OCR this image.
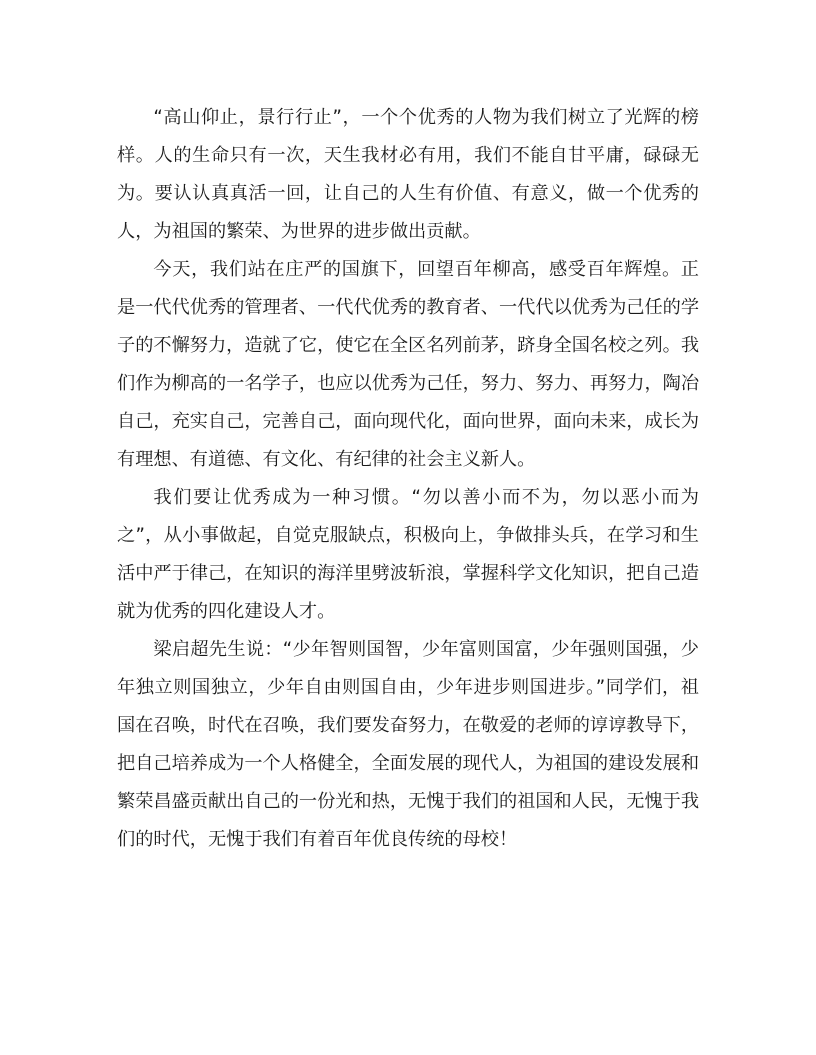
“高山仰止，景行行止”，一个个优秀的人物为我们树立了光辉的榜样。人的生命只有一次，天生我材必有用，我们不能自甘平庸，碌碌无为。要认认真真活一回，让自己的人生有价值、有意义，做一个优秀的人，为祖国的繁荣、为世界的进步做出贡献。

今天，我们站在庄严的国旗下，回望百年柳高，感受百年辉煌。正是一代代优秀的管理者、一代代优秀的教育者、一代代以优秀为己任的学子的不懈努力，造就了它，使它在全区名列前茅，跻身全国名校之列。我们作为柳高的一名学子，也应以优秀为己任，努力、努力、再努力，陶冶自己，充实自己，完善自己，面向现代化，面向世界，面向未来，成长为有理想、有道德、有文化、有纪律的社会主义新人。

我们要让优秀成为一种习惯。“勿以善小而不为，勿以恶小而为之”，从小事做起，自觉克服缺点，积极向上，争做排头兵，在学习和生活中严于律己，在知识的海洋里劈波斩浪，掌握科学文化知识，把自己造就为优秀的四化建设人才。

梁启超先生说：“少年智则国智，少年富则国富，少年强则国强，少年独立则国独立，少年自由则国自由，少年进步则国进步。”同学们，祖国在召唤，时代在召唤，我们要发奋努力，在敬爱的老师的谆谆教导下，把自己培养成为一个人格健全，全面发展的现代人，为祖国的建设发展和繁荣昌盛贡献出自己的一份光和热，无愧于我们的祖国和人民，无愧于我们的时代，无愧于我们有着百年优良传统的母校！
